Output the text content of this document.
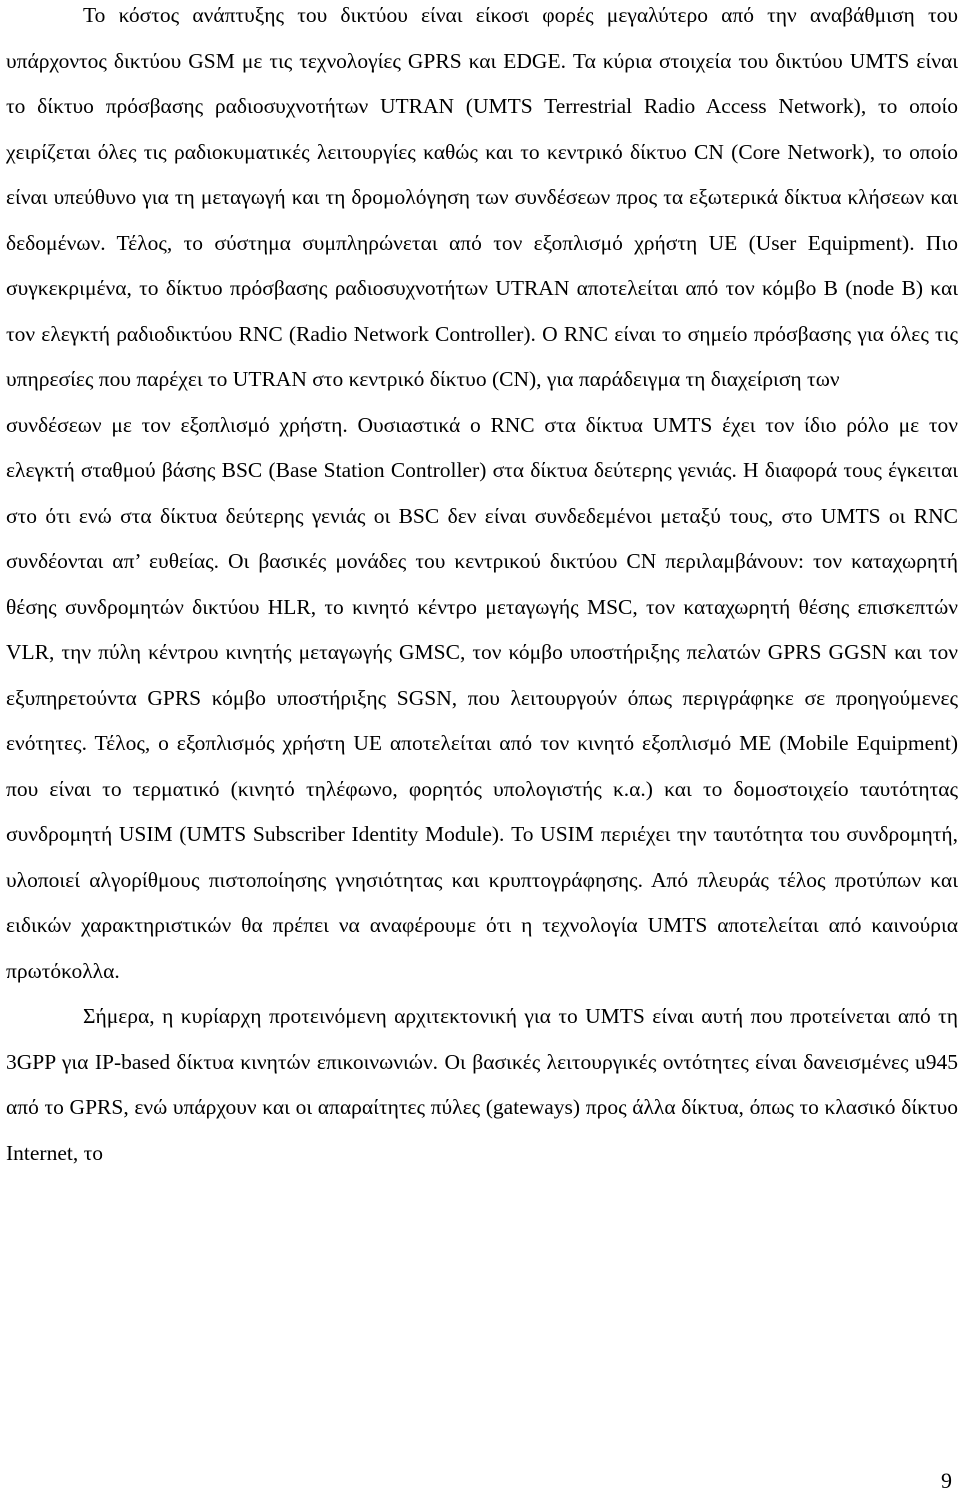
Το κόστος ανάπτυξης του δικτύου είναι είκοσι φορές μεγαλύτερο από την αναβάθμιση του υπάρχοντος δικτύου GSM με τις τεχνολογίες GPRS και EDGE. Τα κύρια στοιχεία του δικτύου UMTS είναι το δίκτυο πρόσβασης ραδιοσυχνοτήτων UTRAN (UMTS Terrestrial Radio Access Network), το οποίο χειρίζεται όλες τις ραδιοκυματικές λειτουργίες καθώς και το κεντρικό δίκτυο CN (Core Network), το οποίο είναι υπεύθυνο για τη μεταγωγή και τη δρομολόγηση των συνδέσεων προς τα εξωτερικά δίκτυα κλήσεων και δεδομένων. Τέλος, το σύστημα συμπληρώνεται από τον εξοπλισμό χρήστη UE (User Equipment). Πιο συγκεκριμένα, το δίκτυο πρόσβασης ραδιοσυχνοτήτων UTRAN αποτελείται από τον κόμβο B (node B) και τον ελεγκτή ραδιοδικτύου RNC (Radio Network Controller). Ο RNC είναι το σημείο πρόσβασης για όλες τις υπηρεσίες που παρέχει το UTRAN στο κεντρικό δίκτυο (CN), για παράδειγμα τη διαχείριση των

συνδέσεων με τον εξοπλισμό χρήστη. Ουσιαστικά ο RNC στα δίκτυα UMTS έχει τον ίδιο ρόλο με τον ελεγκτή σταθμού βάσης BSC (Base Station Controller) στα δίκτυα δεύτερης γενιάς. Η διαφορά τους έγκειται στο ότι ενώ στα δίκτυα δεύτερης γενιάς οι BSC δεν είναι συνδεδεμένοι μεταξύ τους, στο UMTS οι RNC συνδέονται απ’ ευθείας. Οι βασικές μονάδες του κεντρικού δικτύου CN περιλαμβάνουν: τον καταχωρητή θέσης συνδρομητών δικτύου HLR, το κινητό κέντρο μεταγωγής MSC, τον καταχωρητή θέσης επισκεπτών VLR, την πύλη κέντρου κινητής μεταγωγής GMSC, τον κόμβο υποστήριξης πελατών GPRS GGSN και τον εξυπηρετούντα GPRS κόμβο υποστήριξης SGSN, που λειτουργούν όπως περιγράφηκε σε προηγούμενες ενότητες. Τέλος, ο εξοπλισμός χρήστη UE αποτελείται από τον κινητό εξοπλισμό ME (Mobile Equipment) που είναι το τερματικό (κινητό τηλέφωνο, φορητός υπολογιστής κ.α.) και το δομοστοιχείο ταυτότητας συνδρομητή USIM (UMTS Subscriber Identity Module). Το USIM περιέχει την ταυτότητα του συνδρομητή, υλοποιεί αλγορίθμους πιστοποίησης γνησιότητας και κρυπτογράφησης. Από πλευράς τέλος προτύπων και ειδικών χαρακτηριστικών θα πρέπει να αναφέρουμε ότι η τεχνολογία UMTS αποτελείται από καινούρια πρωτόκολλα.

Σήμερα, η κυρίαρχη προτεινόμενη αρχιτεκτονική για το UMTS είναι αυτή που προτείνεται από τη 3GPP για IP-based δίκτυα κινητών επικοινωνιών. Οι βασικές λειτουργικές οντότητες είναι δανεισμένες u945 από το GPRS, ενώ υπάρχουν και οι απαραίτητες πύλες (gateways) προς άλλα δίκτυα, όπως το κλασικό δίκτυο Internet, το

9
